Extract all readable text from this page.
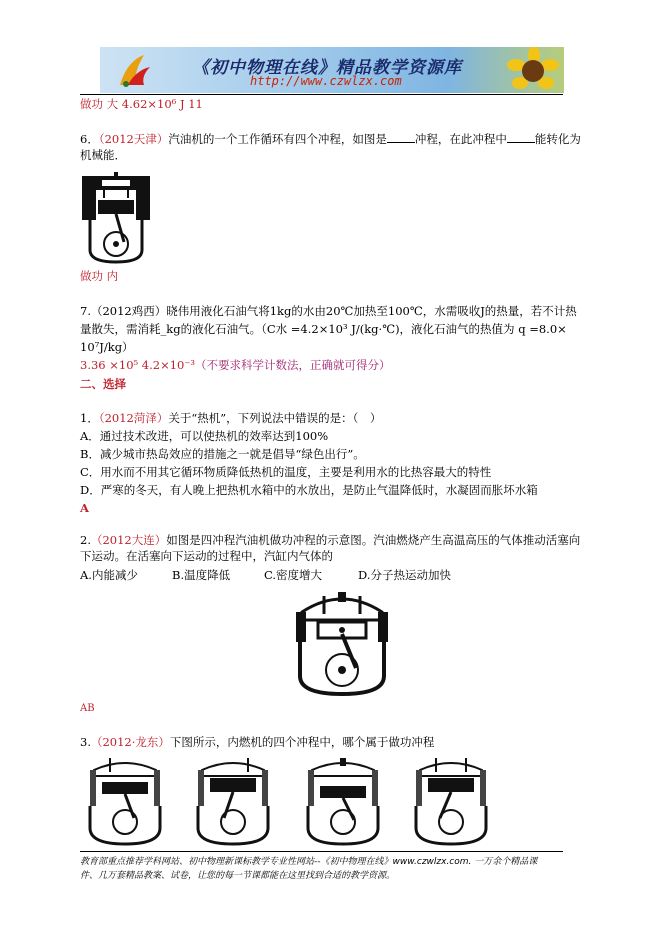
《初中物理在线》精品教学资源库
http://www.czwlzx.com
做功 大 4.62×10⁶ J 11
6．（2012天津）汽油机的一个工作循环有四个冲程，如图是 冲程，在此冲程中 能转化为
机械能．
做功 内
7.（2012鸡西）晓伟用液化石油气将1kg的水由20℃加热至100℃，水需吸收J的热量，若不计热
量散失，需消耗_kg的液化石油气。（C水 =4.2×10³ J/(kg·℃)，液化石油气的热值为 q =8.0×
10⁷J/kg）
3.36 ×10⁵ 4.2×10⁻³（不要求科学计数法，正确就可得分）
二、选择
1．（2012菏泽）关于“热机”，下列说法中错误的是：（　）
A．通过技术改进，可以使热机的效率达到100%
B．减少城市热岛效应的措施之一就是倡导“绿色出行”。
C．用水而不用其它循环物质降低热机的温度，主要是利用水的比热容最大的特性
D．严寒的冬天，有人晚上把热机水箱中的水放出，是防止气温降低时，水凝固而胀坏水箱
A
2.（2012大连）如图是四冲程汽油机做功冲程的示意图。汽油燃烧产生高温高压的气体推动活塞向
下运动。在活塞向下运动的过程中，汽缸内气体的
A.内能减少	B.温度降低	C.密度增大	D.分子热运动加快
AB
3.（2012·龙东）下图所示，内燃机的四个冲程中，哪个属于做功冲程
教育部重点推荐学科网站、初中物理新课标教学专业性网站--《初中物理在线》www.czwlzx.com. 一万余个精品课
件、几万套精品教案、试卷，让您的每一节课都能在这里找到合适的教学资源。
